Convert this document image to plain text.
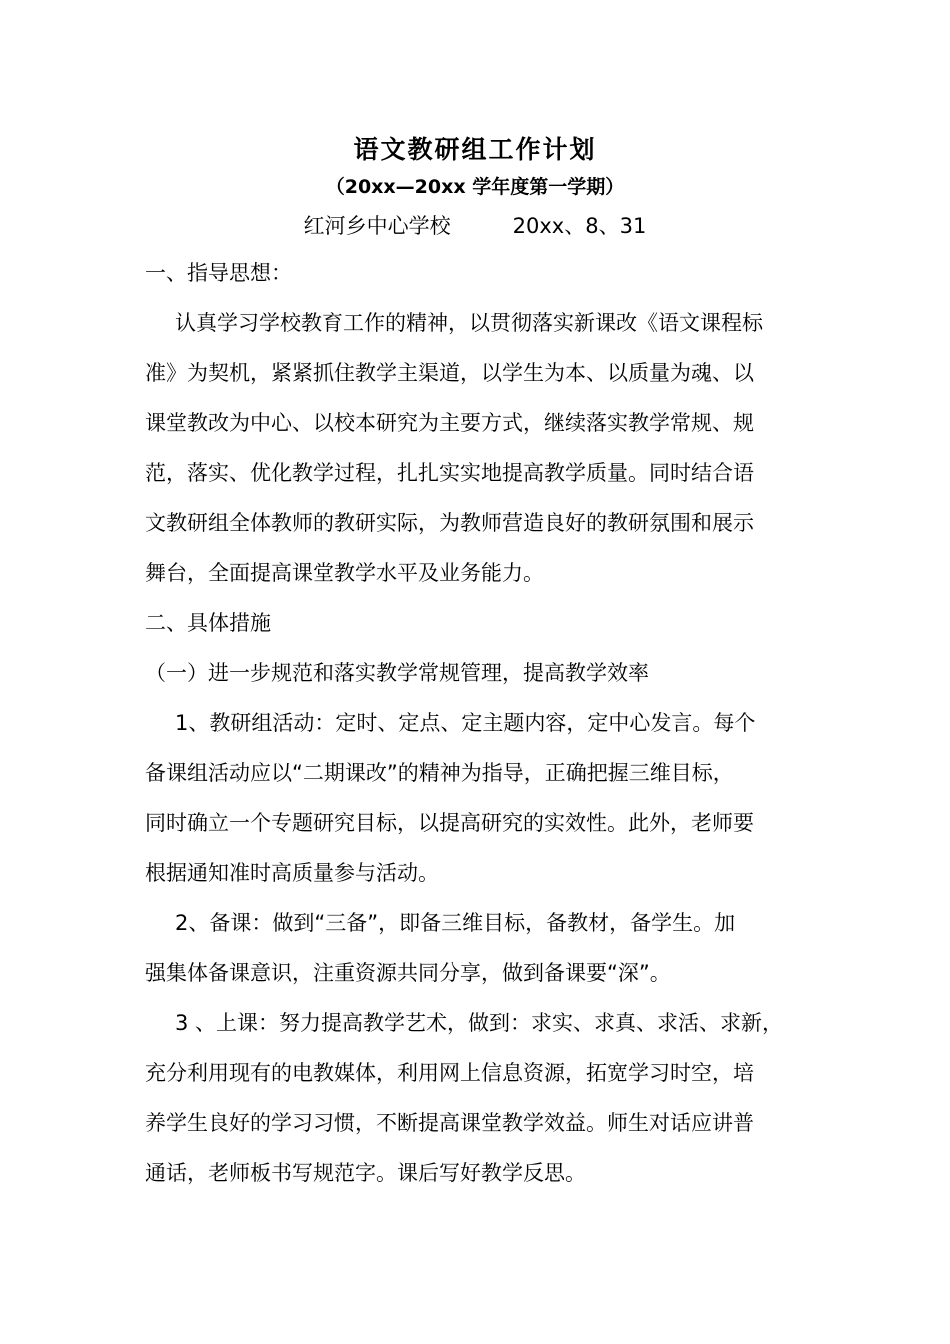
语文教研组工作计划
（20xx—20xx 学年度第一学期）
红河乡中心学校	20xx、8、31
一、指导思想：
认真学习学校教育工作的精神，以贯彻落实新课改《语文课程标
准》为契机，紧紧抓住教学主渠道，以学生为本、以质量为魂、以
课堂教改为中心、以校本研究为主要方式，继续落实教学常规、规
范，落实、优化教学过程，扎扎实实地提高教学质量。同时结合语
文教研组全体教师的教研实际，为教师营造良好的教研氛围和展示
舞台，全面提高课堂教学水平及业务能力。
二、具体措施
（一）进一步规范和落实教学常规管理，提高教学效率
1、教研组活动：定时、定点、定主题内容，定中心发言。每个
备课组活动应以“二期课改”的精神为指导，正确把握三维目标，
同时确立一个专题研究目标，以提高研究的实效性。此外，老师要
根据通知准时高质量参与活动。
2、备课：做到“三备”，即备三维目标，备教材，备学生。加
强集体备课意识，注重资源共同分享，做到备课要“深”。
3 、上课：努力提高教学艺术，做到：求实、求真、求活、求新，
充分利用现有的电教媒体，利用网上信息资源，拓宽学习时空，培
养学生良好的学习习惯，不断提高课堂教学效益。师生对话应讲普
通话，老师板书写规范字。课后写好教学反思。
